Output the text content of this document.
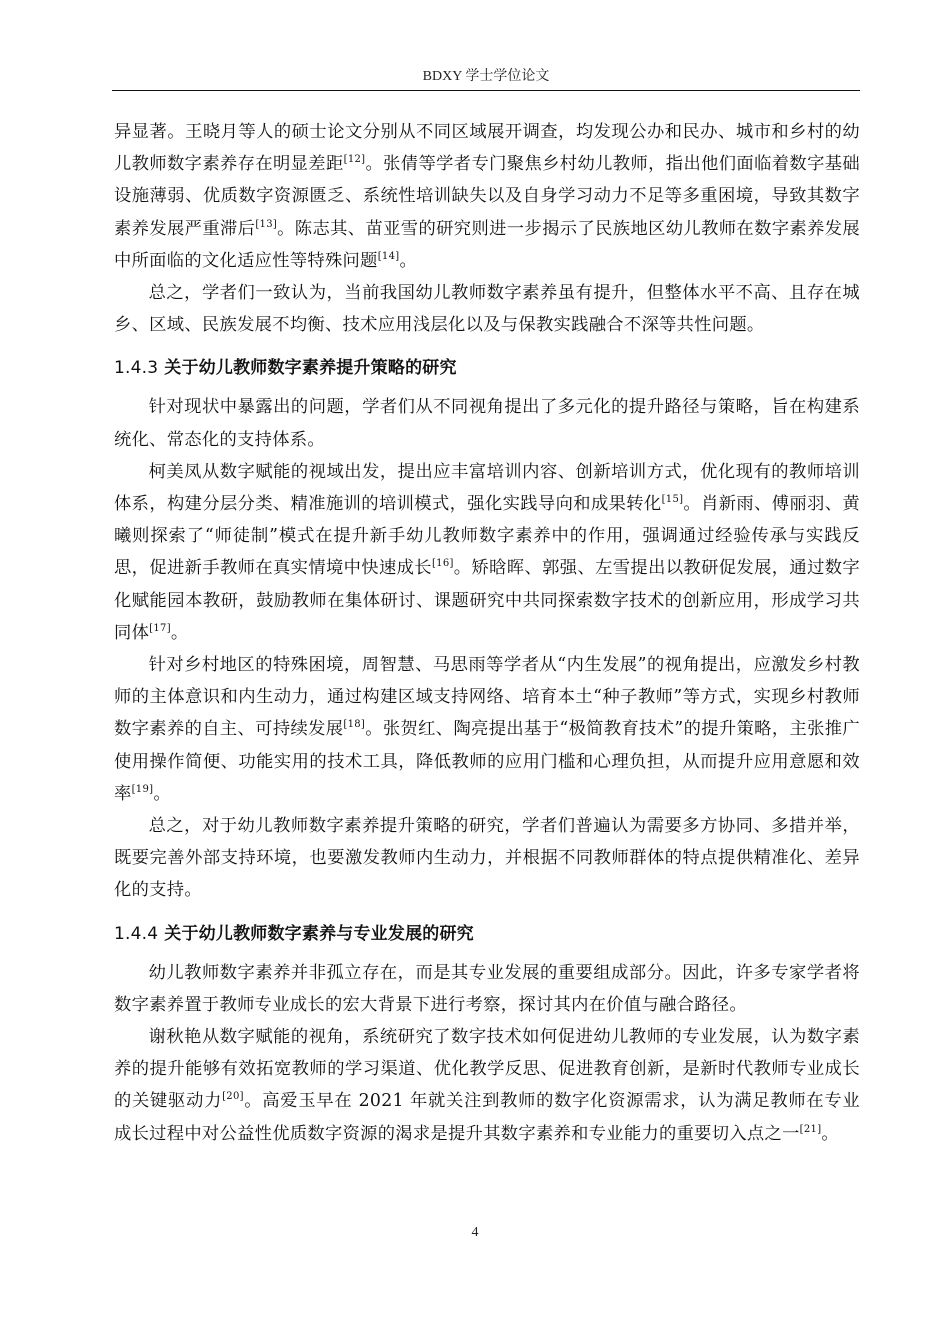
BDXY 学士学位论文

异显著。王晓月等人的硕士论文分别从不同区域展开调查，均发现公办和民办、城市和乡村的幼儿教师数字素养存在明显差距[12]。张倩等学者专门聚焦乡村幼儿教师，指出他们面临着数字基础设施薄弱、优质数字资源匮乏、系统性培训缺失以及自身学习动力不足等多重困境，导致其数字素养发展严重滞后[13]。陈志其、苗亚雪的研究则进一步揭示了民族地区幼儿教师在数字素养发展中所面临的文化适应性等特殊问题[14]。

总之，学者们一致认为，当前我国幼儿教师数字素养虽有提升，但整体水平不高、且存在城乡、区域、民族发展不均衡、技术应用浅层化以及与保教实践融合不深等共性问题。

1.4.3 关于幼儿教师数字素养提升策略的研究

针对现状中暴露出的问题，学者们从不同视角提出了多元化的提升路径与策略，旨在构建系统化、常态化的支持体系。

柯美凤从数字赋能的视域出发，提出应丰富培训内容、创新培训方式，优化现有的教师培训体系，构建分层分类、精准施训的培训模式，强化实践导向和成果转化[15]。肖新雨、傅丽羽、黄曦则探索了“师徒制”模式在提升新手幼儿教师数字素养中的作用，强调通过经验传承与实践反思，促进新手教师在真实情境中快速成长[16]。矫晗晖、郭强、左雪提出以教研促发展，通过数字化赋能园本教研，鼓励教师在集体研讨、课题研究中共同探索数字技术的创新应用，形成学习共同体[17]。

针对乡村地区的特殊困境，周智慧、马思雨等学者从“内生发展”的视角提出，应激发乡村教师的主体意识和内生动力，通过构建区域支持网络、培育本土“种子教师”等方式，实现乡村教师数字素养的自主、可持续发展[18]。张贺红、陶亮提出基于“极简教育技术”的提升策略，主张推广使用操作简便、功能实用的技术工具，降低教师的应用门槛和心理负担，从而提升应用意愿和效率[19]。

总之，对于幼儿教师数字素养提升策略的研究，学者们普遍认为需要多方协同、多措并举，既要完善外部支持环境，也要激发教师内生动力，并根据不同教师群体的特点提供精准化、差异化的支持。

1.4.4 关于幼儿教师数字素养与专业发展的研究

幼儿教师数字素养并非孤立存在，而是其专业发展的重要组成部分。因此，许多专家学者将数字素养置于教师专业成长的宏大背景下进行考察，探讨其内在价值与融合路径。

谢秋艳从数字赋能的视角，系统研究了数字技术如何促进幼儿教师的专业发展，认为数字素养的提升能够有效拓宽教师的学习渠道、优化教学反思、促进教育创新，是新时代教师专业成长的关键驱动力[20]。高爱玉早在 2021 年就关注到教师的数字化资源需求，认为满足教师在专业成长过程中对公益性优质数字资源的渴求是提升其数字素养和专业能力的重要切入点之一[21]。

4
